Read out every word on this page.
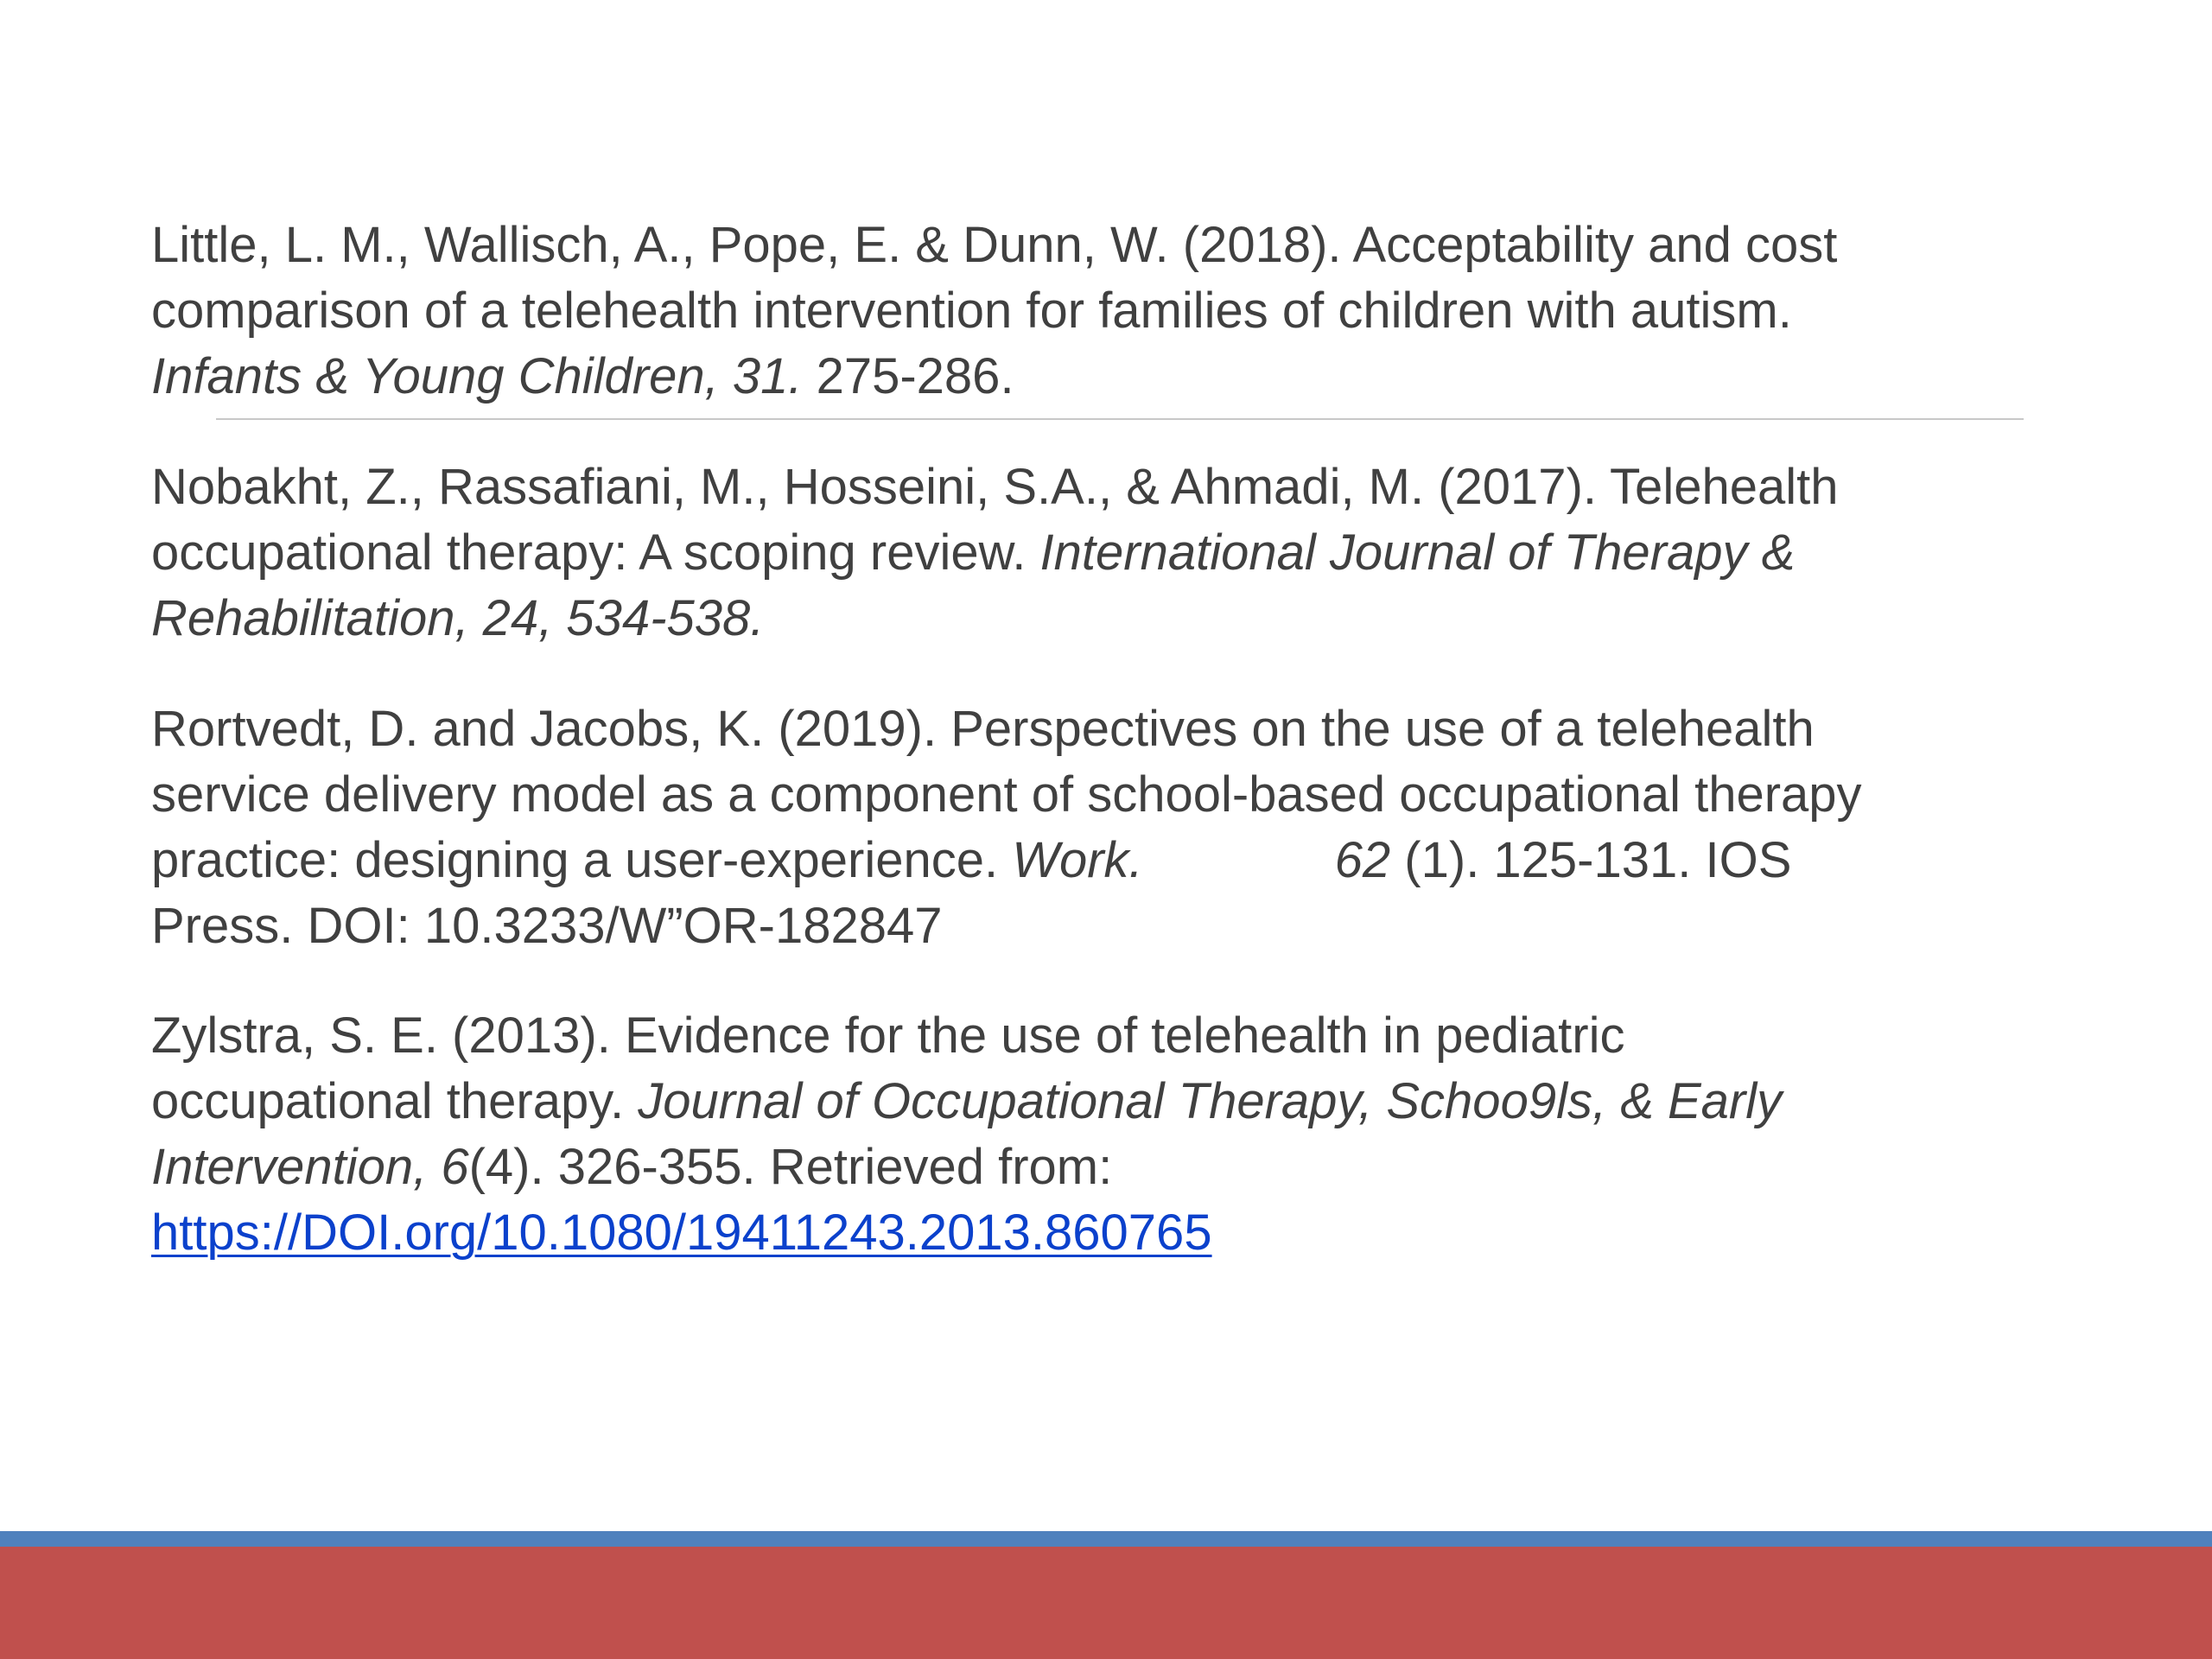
Little, L. M., Wallisch, A., Pope, E. & Dunn, W. (2018). Acceptability and cost
comparison of a telehealth intervention for families of children with autism.
Infants & Young Children, 31. 275-286.

Nobakht, Z., Rassafiani, M., Hosseini, S.A., & Ahmadi, M. (2017). Telehealth
occupational therapy: A scoping review. International Journal of Therapy &
Rehabilitation, 24, 534-538.

Rortvedt, D. and Jacobs, K. (2019). Perspectives on the use of a telehealth
service delivery model as a component of school-based occupational therapy
practice: designing a user-experience. Work.	62 (1). 125-131. IOS
Press. DOI: 10.3233/W”OR-182847

Zylstra, S. E. (2013). Evidence for the use of telehealth in pediatric
occupational therapy. Journal of Occupational Therapy, Schoo9ls, & Early
Intervention, 6(4). 326-355. Retrieved from:
https://DOI.org/10.1080/19411243.2013.860765
